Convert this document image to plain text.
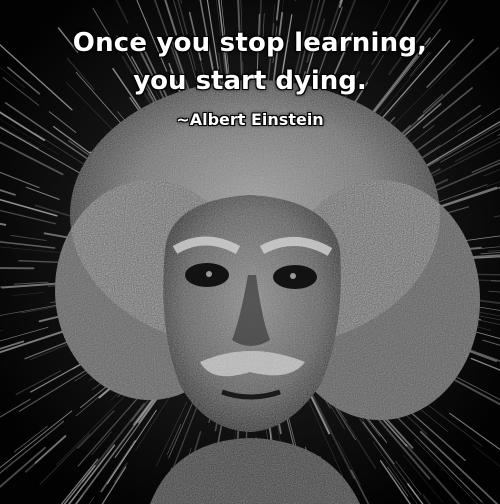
Once you stop learning,
you start dying.
~Albert Einstein
